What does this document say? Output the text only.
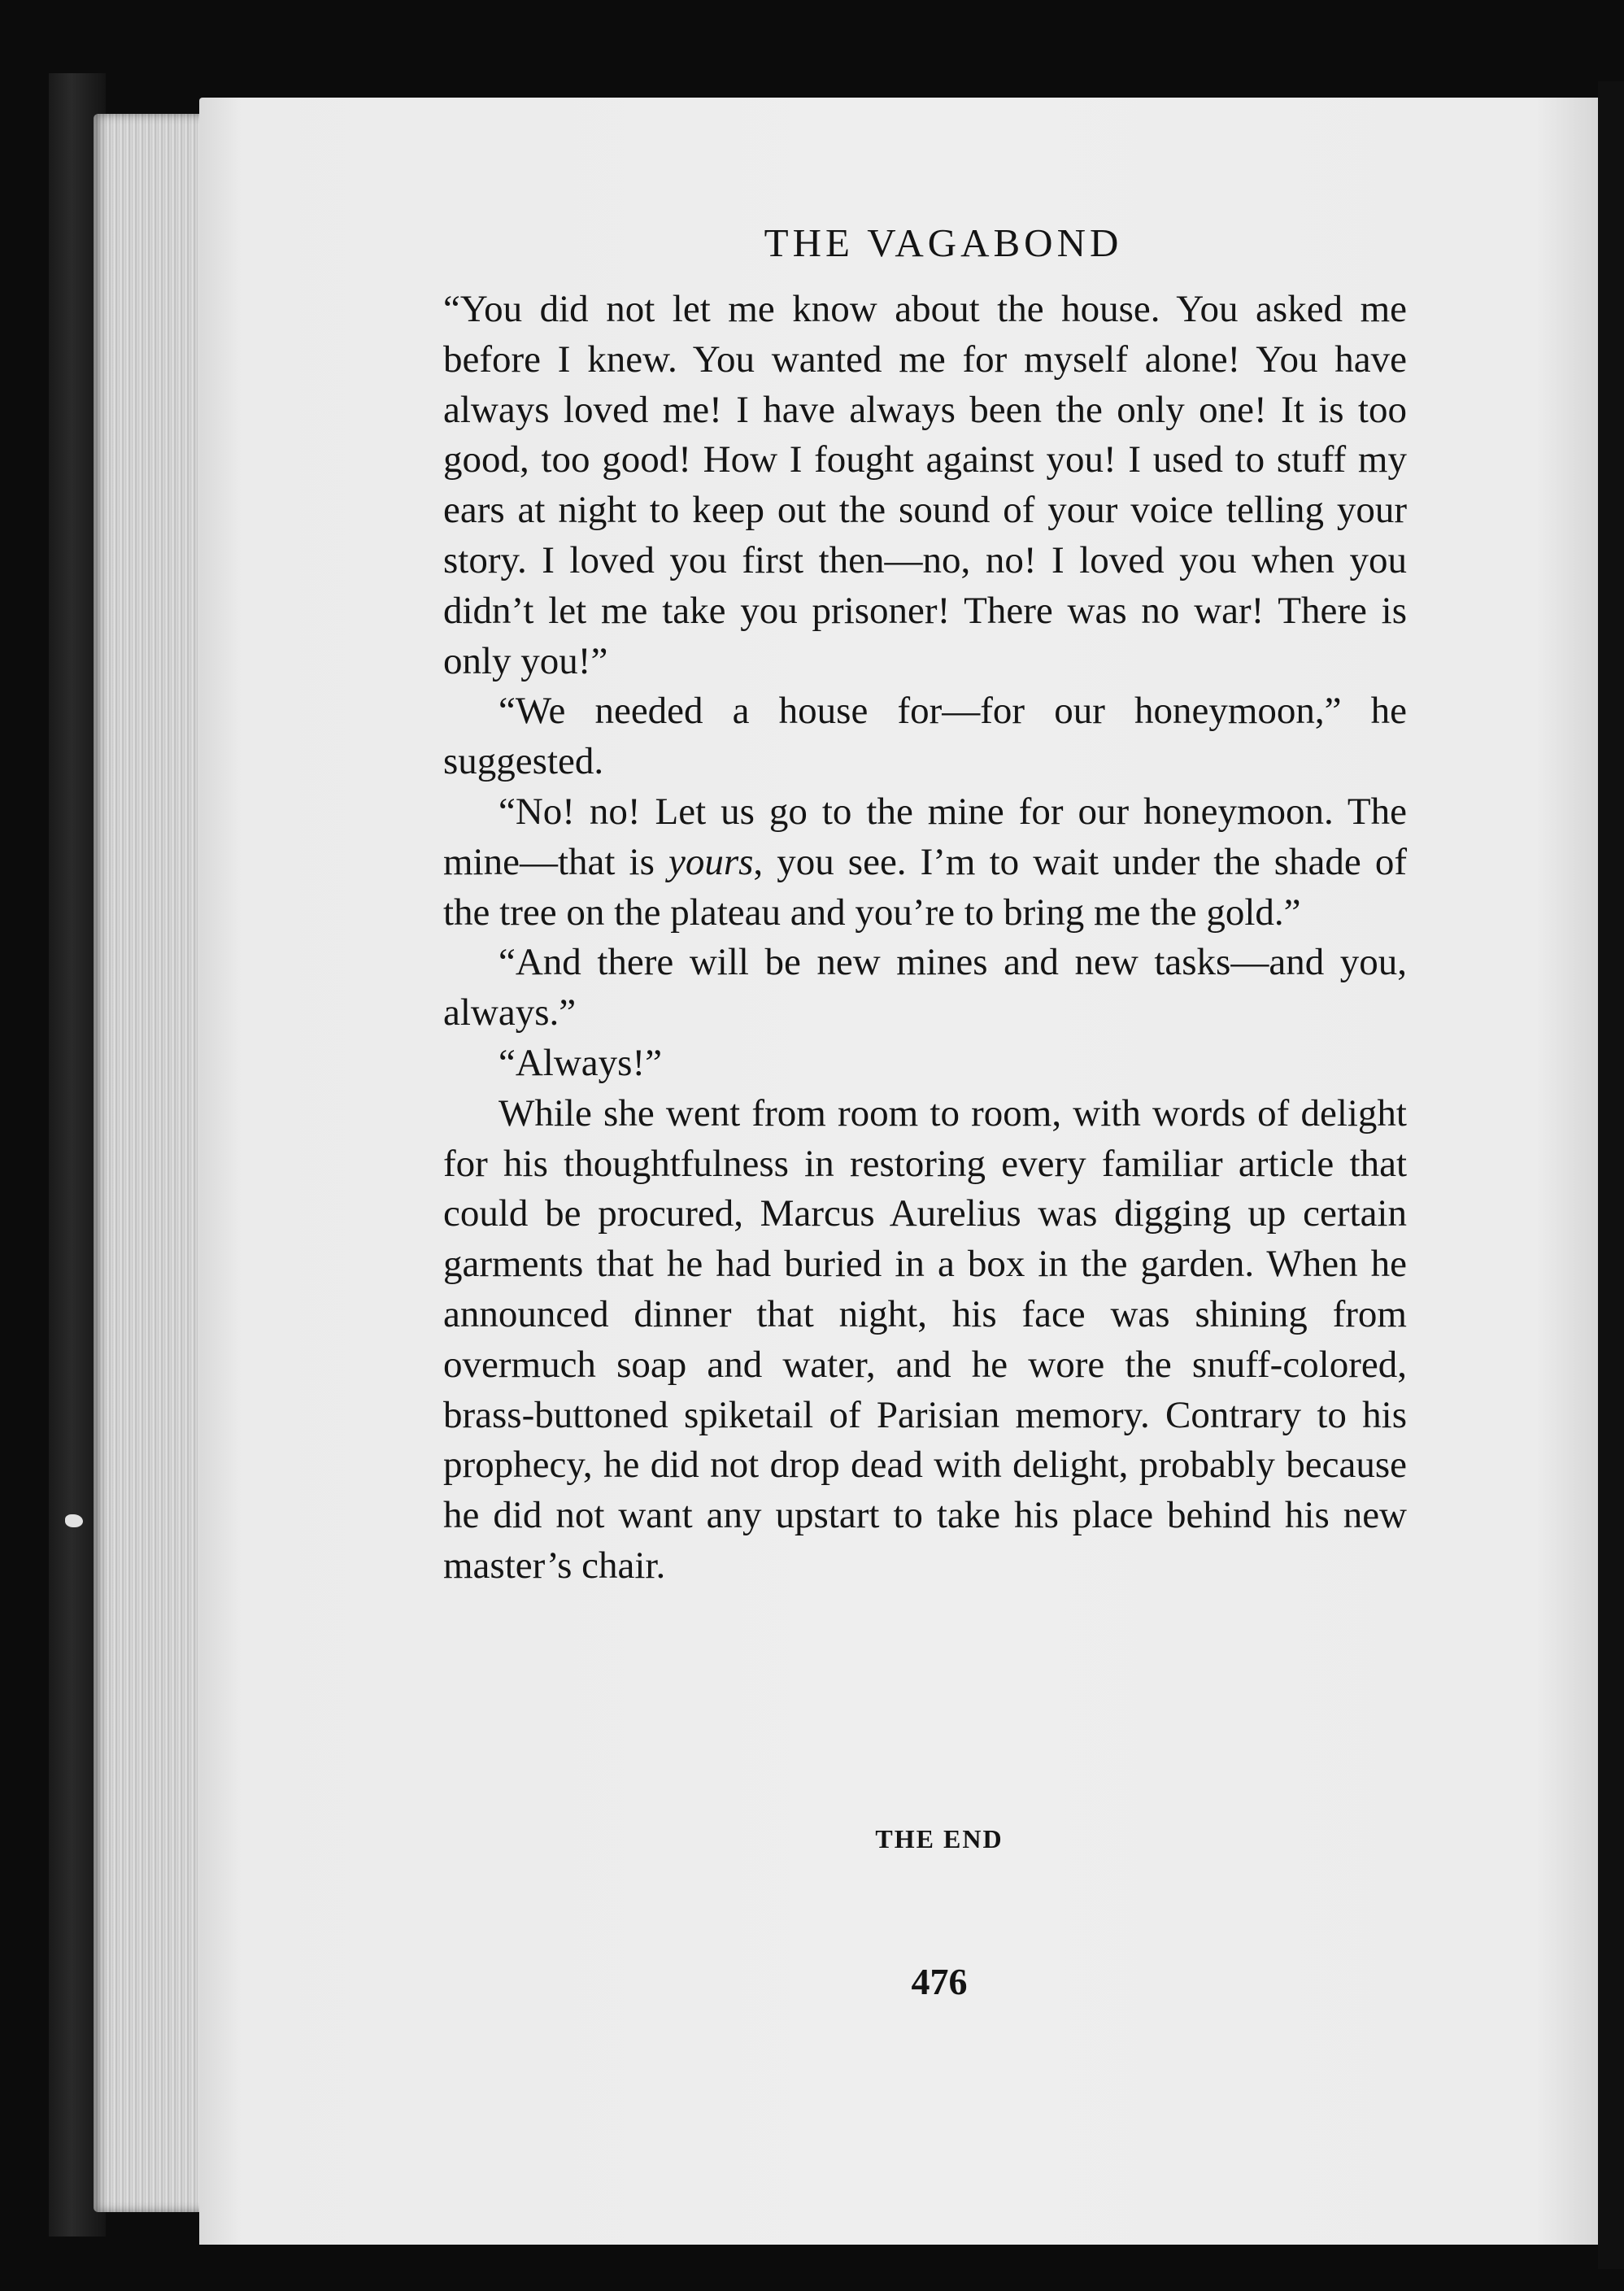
THE VAGABOND

“You did not let me know about the house. You asked me before I knew. You wanted me for myself alone! You have always loved me! I have always been the only one! It is too good, too good! How I fought against you! I used to stuff my ears at night to keep out the sound of your voice telling your story. I loved you first then—no, no! I loved you when you didn’t let me take you prisoner! There was no war! There is only you!”

“We needed a house for—for our honeymoon,” he suggested.

“No! no! Let us go to the mine for our honeymoon. The mine—that is yours, you see. I’m to wait under the shade of the tree on the plateau and you’re to bring me the gold.”

“And there will be new mines and new tasks—and you, always.”

“Always!”

While she went from room to room, with words of delight for his thoughtfulness in restoring every familiar article that could be procured, Marcus Aurelius was digging up certain garments that he had buried in a box in the garden. When he announced dinner that night, his face was shining from overmuch soap and water, and he wore the snuff-colored, brass-buttoned spiketail of Parisian memory. Contrary to his prophecy, he did not drop dead with delight, probably because he did not want any upstart to take his place behind his new master’s chair.

THE END
476
